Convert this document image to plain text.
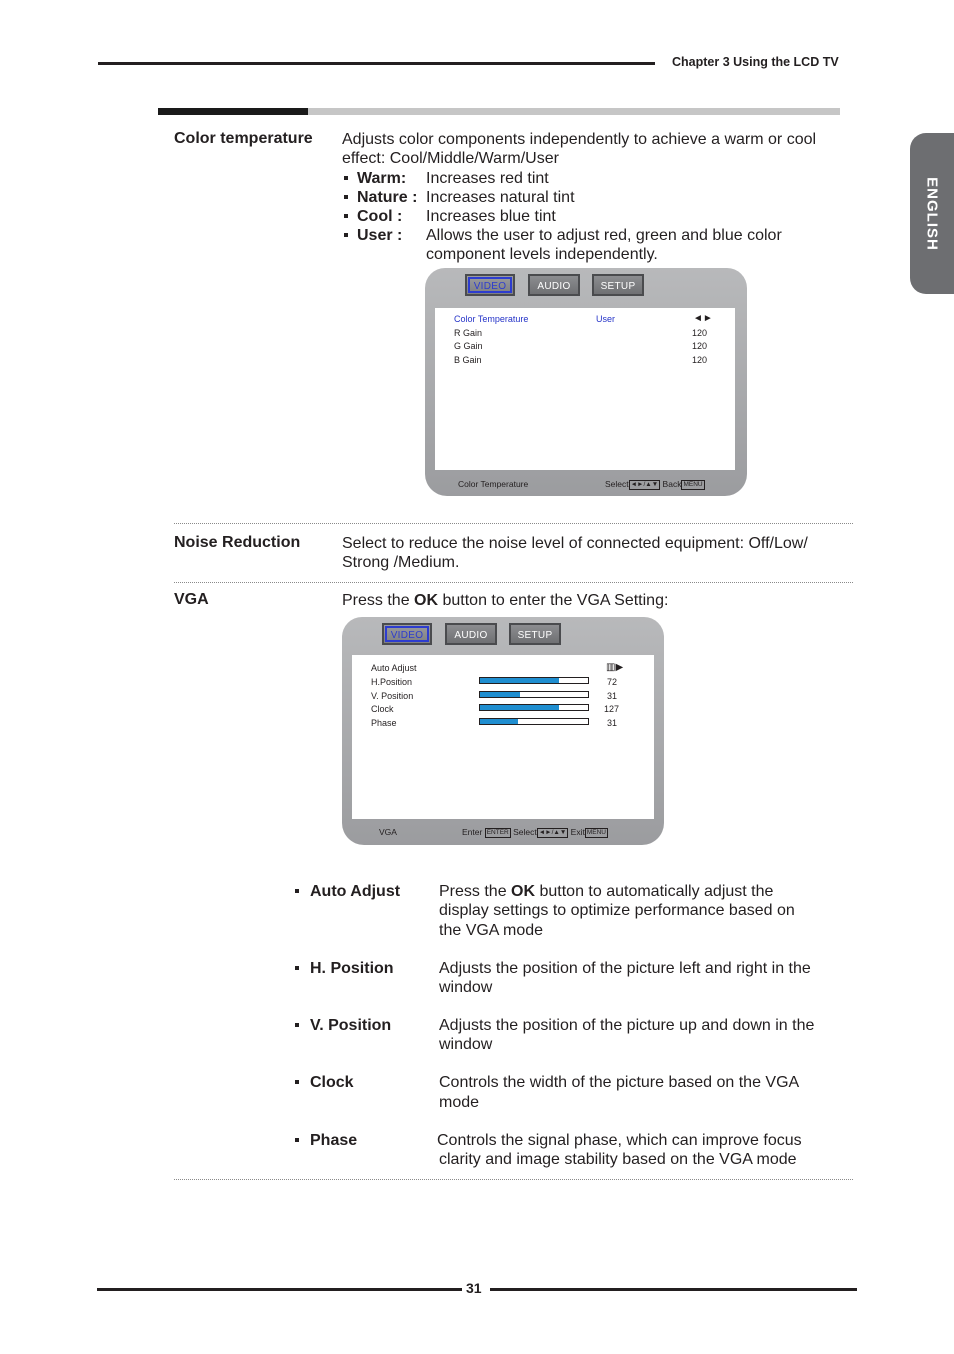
Chapter 3 Using the LCD TV
ENGLISH
Color temperature Adjusts color components independently to achieve a warm or cool
effect: Cool/Middle/Warm/User
Warm: Increases red tint
Nature : Increases natural tint
Cool : Increases blue tint
User : Allows the user to adjust red, green and blue color
component levels independently.
VIDEO	AUDIO	SETUP
Color Temperature	User	◄►
R Gain	120
G Gain	120
B Gain	120
Color Temperature	Select ◄►/▲▼ Back MENU
Noise Reduction	Select to reduce the noise level of connected equipment: Off/Low/
Strong /Medium.
VGA	Press the OK button to enter the VGA Setting:
VIDEO	AUDIO	SETUP
Auto Adjust	▥▶
H.Position	72
V. Position	31
Clock	127
Phase	31
VGA	Enter ENTER Select ◄►/▲▼ Exit MENU
Auto Adjust Press the OK button to automatically adjust the
display settings to optimize performance based on
the VGA mode
H. Position	Adjusts the position of the picture left and right in the
window
V. Position	Adjusts the position of the picture up and down in the
window
Clock	Controls the width of the picture based on the VGA
mode
Phase	Controls the signal phase, which can improve focus
clarity and image stability based on the VGA mode
31
